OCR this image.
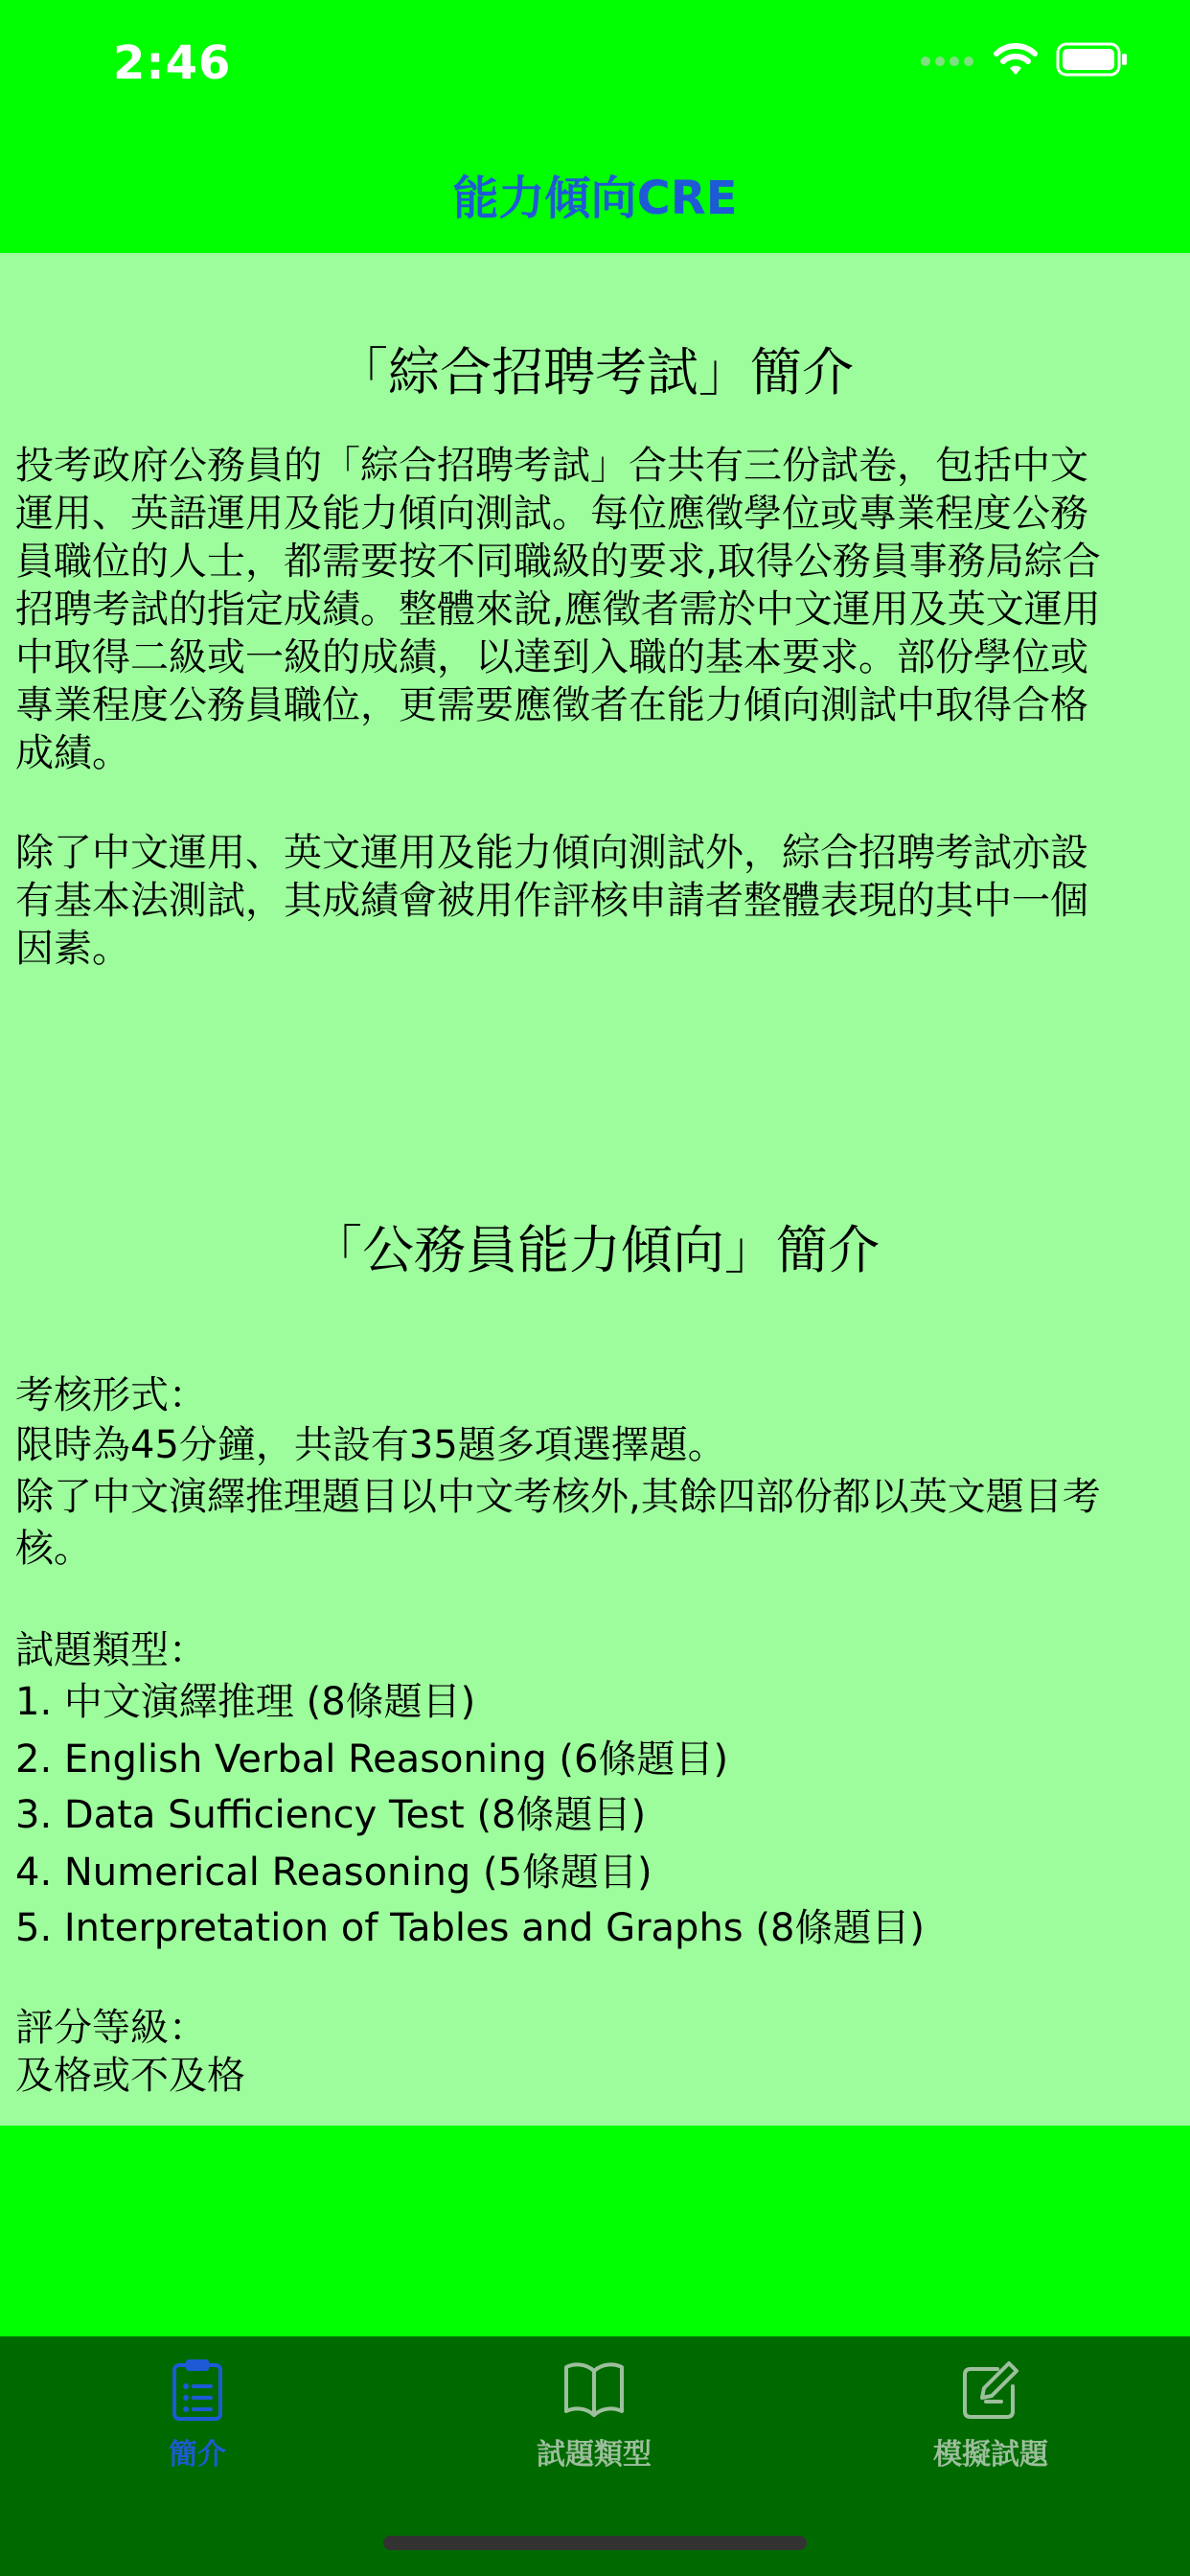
2:46
能力傾向CRE
「綜合招聘考試」簡介
投考政府公務員的「綜合招聘考試」合共有三份試卷，包括中文
運用、英語運用及能力傾向測試。每位應徵學位或專業程度公務
員職位的人士，都需要按不同職級的要求,取得公務員事務局綜合
招聘考試的指定成績。整體來說,應徵者需於中文運用及英文運用
中取得二級或一級的成績，以達到入職的基本要求。部份學位或
專業程度公務員職位，更需要應徵者在能力傾向測試中取得合格
成績。
除了中文運用、英文運用及能力傾向測試外，綜合招聘考試亦設
有基本法測試，其成績會被用作評核申請者整體表現的其中一個
因素。
「公務員能力傾向」簡介
考核形式：
限時為45分鐘，共設有35題多項選擇題。
除了中文演繹推理題目以中文考核外,其餘四部份都以英文題目考
核。
試題類型：
1. 中文演繹推理 (8條題目)
2. English Verbal Reasoning (6條題目)
3. Data Sufficiency Test (8條題目)
4. Numerical Reasoning (5條題目)
5. Interpretation of Tables and Graphs (8條題目)
評分等級：
及格或不及格
簡介	試題類型	模擬試題
